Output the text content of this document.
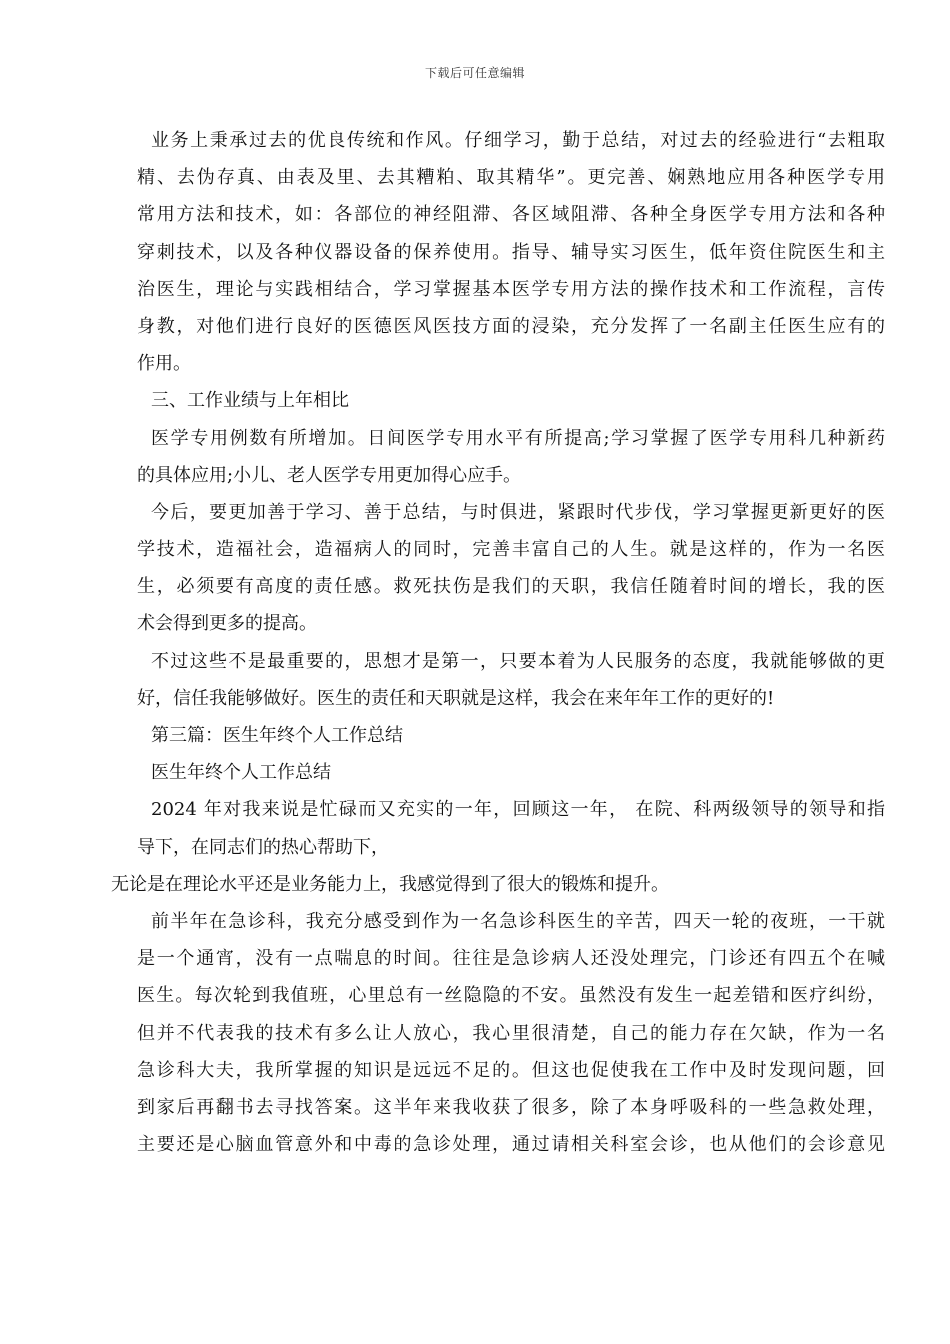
下载后可任意编辑
业务上秉承过去的优良传统和作风。仔细学习，勤于总结，对过去的经验进行“去粗取
精、去伪存真、由表及里、去其糟粕、取其精华”。更完善、娴熟地应用各种医学专用
常用方法和技术，如：各部位的神经阻滞、各区域阻滞、各种全身医学专用方法和各种
穿刺技术，以及各种仪器设备的保养使用。指导、辅导实习医生，低年资住院医生和主
治医生，理论与实践相结合，学习掌握基本医学专用方法的操作技术和工作流程，言传
身教，对他们进行良好的医德医风医技方面的浸染，充分发挥了一名副主任医生应有的
作用。
三、工作业绩与上年相比
医学专用例数有所增加。日间医学专用水平有所提高;学习掌握了医学专用科几种新药
的具体应用;小儿、老人医学专用更加得心应手。
今后，要更加善于学习、善于总结，与时俱进，紧跟时代步伐，学习掌握更新更好的医
学技术，造福社会，造福病人的同时，完善丰富自己的人生。就是这样的，作为一名医
生，必须要有高度的责任感。救死扶伤是我们的天职，我信任随着时间的增长，我的医
术会得到更多的提高。
不过这些不是最重要的，思想才是第一，只要本着为人民服务的态度，我就能够做的更
好，信任我能够做好。医生的责任和天职就是这样，我会在来年年工作的更好的!
第三篇：医生年终个人工作总结
医生年终个人工作总结
2024 年对我来说是忙碌而又充实的一年，回顾这一年， 在院、科两级领导的领导和指
导下，在同志们的热心帮助下，
无论是在理论水平还是业务能力上，我感觉得到了很大的锻炼和提升。
前半年在急诊科，我充分感受到作为一名急诊科医生的辛苦，四天一轮的夜班，一干就
是一个通宵，没有一点喘息的时间。往往是急诊病人还没处理完，门诊还有四五个在喊
医生。每次轮到我值班，心里总有一丝隐隐的不安。虽然没有发生一起差错和医疗纠纷，
但并不代表我的技术有多么让人放心，我心里很清楚，自己的能力存在欠缺，作为一名
急诊科大夫，我所掌握的知识是远远不足的。但这也促使我在工作中及时发现问题，回
到家后再翻书去寻找答案。这半年来我收获了很多，除了本身呼吸科的一些急救处理，
主要还是心脑血管意外和中毒的急诊处理，通过请相关科室会诊，也从他们的会诊意见
